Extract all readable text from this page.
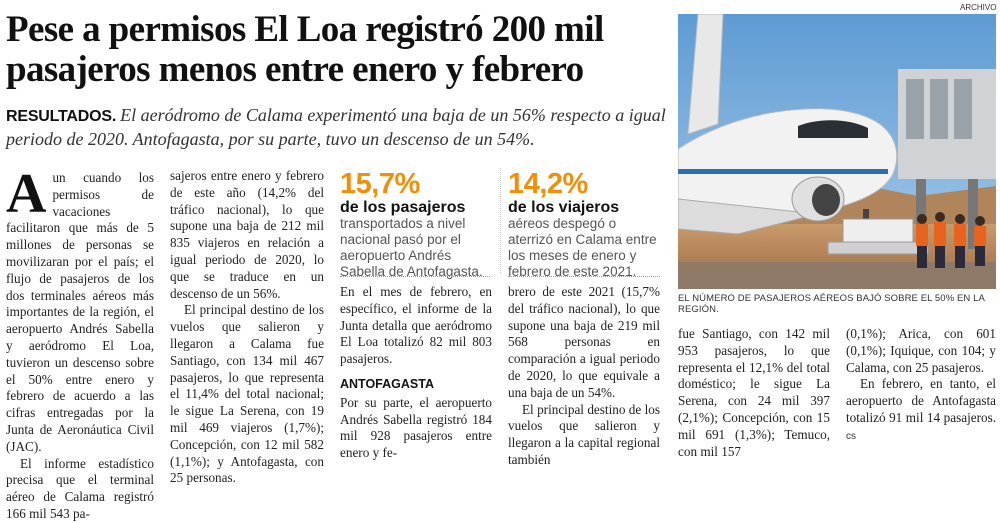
Pese a permisos El Loa registró 200 mil pasajeros menos entre enero y febrero
RESULTADOS. El aeródromo de Calama experimentó una baja de un 56% respecto a igual periodo de 2020. Antofagasta, por su parte, tuvo un descenso de un 54%.

Aun cuando los permisos de vacaciones facilitaron que más de 5 millones de personas se movilizaran por el país; el flujo de pasajeros de los dos terminales aéreos más importantes de la región, el aeropuerto Andrés Sabella y aeródromo El Loa, tuvieron un descenso sobre el 50% entre enero y febrero de acuerdo a las cifras entregadas por la Junta de Aeronáutica Civil (JAC).

El informe estadístico precisa que el terminal aéreo de Calama registró 166 mil 543 pa-

sajeros entre enero y febrero de este año (14,2% del tráfico nacional), lo que supone una baja de 212 mil 835 viajeros en relación a igual periodo de 2020, lo que se traduce en un descenso de un 56%.

El principal destino de los vuelos que salieron y llegaron a Calama fue Santiago, con 134 mil 467 pasajeros, lo que representa el 11,4% del total nacional; le sigue La Serena, con 19 mil 469 viajeros (1,7%); Concepción, con 12 mil 582 (1,1%); y Antofagasta, con 25 personas.

15,7%
de los pasajeros transportados a nivel nacional pasó por el aeropuerto Andrés Sabella de Antofagasta.
14,2%
de los viajeros aéreos despegó o aterrizó en Calama entre los meses de enero y febrero de este 2021.

En el mes de febrero, en específico, el informe de la Junta detalla que aeródromo El Loa totalizó 82 mil 803 pasajeros.

ANTOFAGASTA

Por su parte, el aeropuerto Andrés Sabella registró 184 mil 928 pasajeros entre enero y fe-

brero de este 2021 (15,7% del tráfico nacional), lo que supone una baja de 219 mil 568 personas en comparación a igual periodo de 2020, lo que equivale a una baja de un 54%.

El principal destino de los vuelos que salieron y llegaron a la capital regional también

ARCHIVO
EL NÚMERO DE PASAJEROS AÉREOS BAJÓ SOBRE EL 50% EN LA REGIÓN.

fue Santiago, con 142 mil 953 pasajeros, lo que representa el 12,1% del total doméstico; le sigue La Serena, con 24 mil 397 (2,1%); Concepción, con 15 mil 691 (1,3%); Temuco, con mil 157

(0,1%); Arica, con 601 (0,1%); Iquique, con 104; y Calama, con 25 pasajeros.

En febrero, en tanto, el aeropuerto de Antofagasta totalizó 91 mil 14 pasajeros. cs
